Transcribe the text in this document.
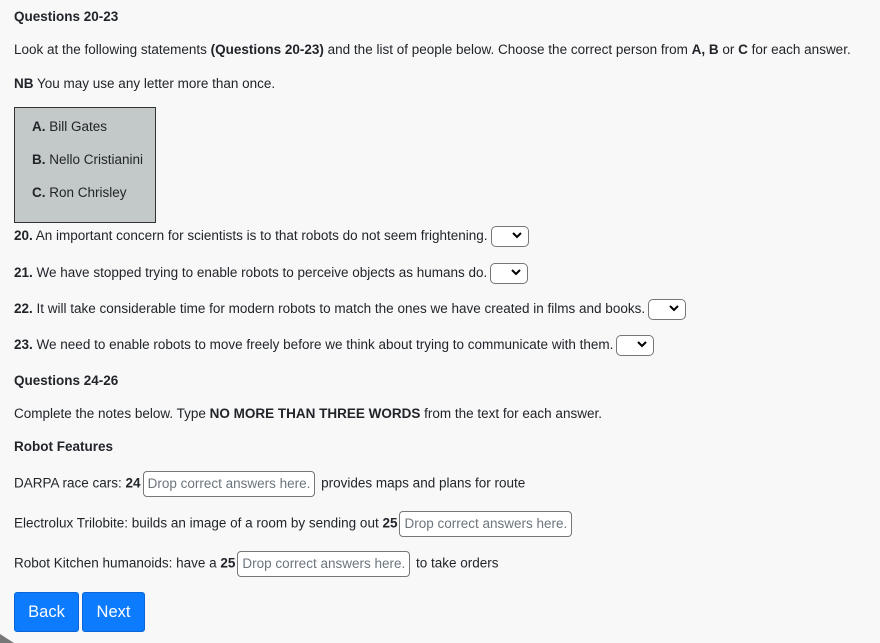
Questions 20-23
Look at the following statements (Questions 20-23) and the list of people below. Choose the correct person from A, B or C for each answer.
NB You may use any letter more than once.
A. Bill Gates
B. Nello Cristianini
C. Ron Chrisley
20. An important concern for scientists is to that robots do not seem frightening.
21. We have stopped trying to enable robots to perceive objects as humans do.
22. It will take considerable time for modern robots to match the ones we have created in films and books.
23. We need to enable robots to move freely before we think about trying to communicate with them.
Questions 24-26
Complete the notes below. Type NO MORE THAN THREE WORDS from the text for each answer.
Robot Features
DARPA race cars: 24 Drop correct answers here. provides maps and plans for route
Electrolux Trilobite: builds an image of a room by sending out 25 Drop correct answers here.
Robot Kitchen humanoids: have a 25 Drop correct answers here. to take orders
Back	Next
